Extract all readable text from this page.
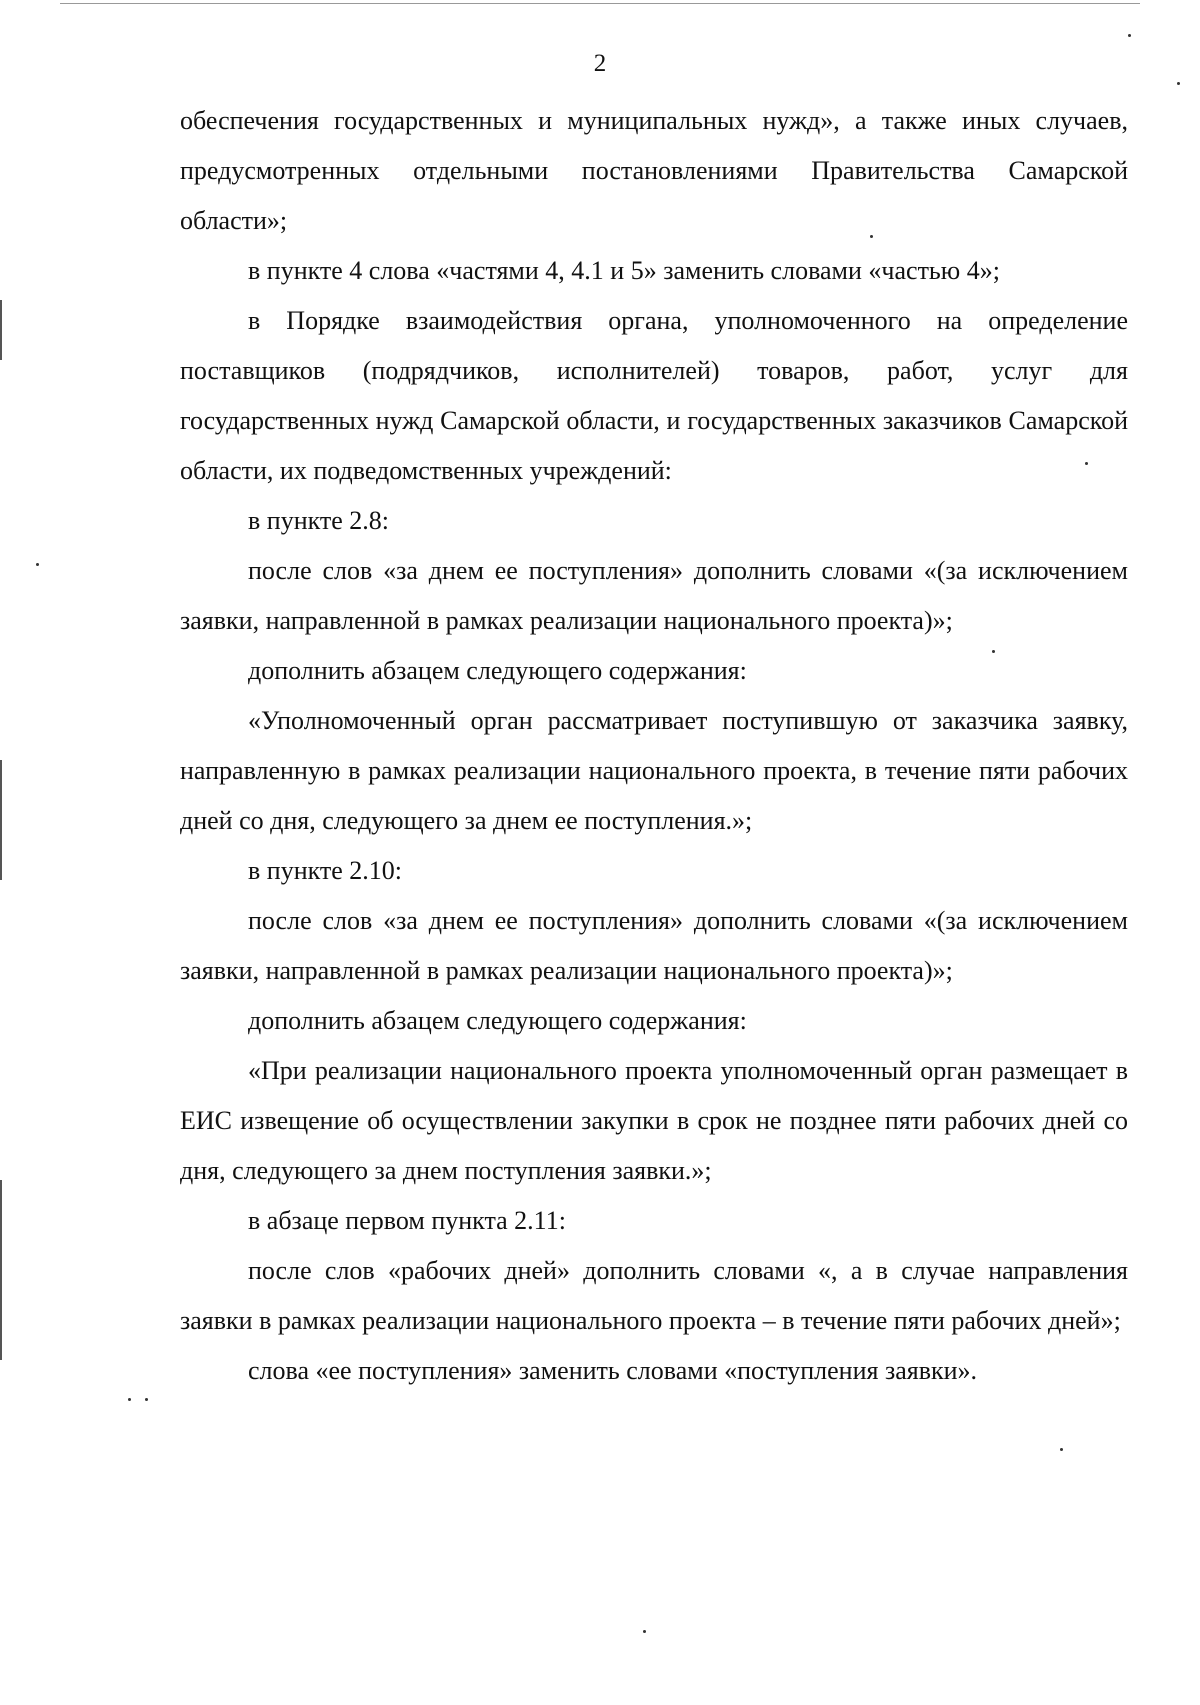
2

обеспечения государственных и муниципальных нужд», а также иных случаев, предусмотренных отдельными постановлениями Правительства Самарской области»;

в пункте 4 слова «частями 4, 4.1 и 5» заменить словами «частью 4»;

в Порядке взаимодействия органа, уполномоченного на определение поставщиков (подрядчиков, исполнителей) товаров, работ, услуг для государственных нужд Самарской области, и государственных заказчиков Самарской области, их подведомственных учреждений:

в пункте 2.8:

после слов «за днем ее поступления» дополнить словами «(за исключением заявки, направленной в рамках реализации национального проекта)»;

дополнить абзацем следующего содержания:

«Уполномоченный орган рассматривает поступившую от заказчика заявку, направленную в рамках реализации национального проекта, в течение пяти рабочих дней со дня, следующего за днем ее поступления.»;

в пункте 2.10:

после слов «за днем ее поступления» дополнить словами «(за исключением заявки, направленной в рамках реализации национального проекта)»;

дополнить абзацем следующего содержания:

«При реализации национального проекта уполномоченный орган размещает в ЕИС извещение об осуществлении закупки в срок не позднее пяти рабочих дней со дня, следующего за днем поступления заявки.»;

в абзаце первом пункта 2.11:

после слов «рабочих дней» дополнить словами «, а в случае направления заявки в рамках реализации национального проекта – в течение пяти рабочих дней»;

слова «ее поступления» заменить словами «поступления заявки».
